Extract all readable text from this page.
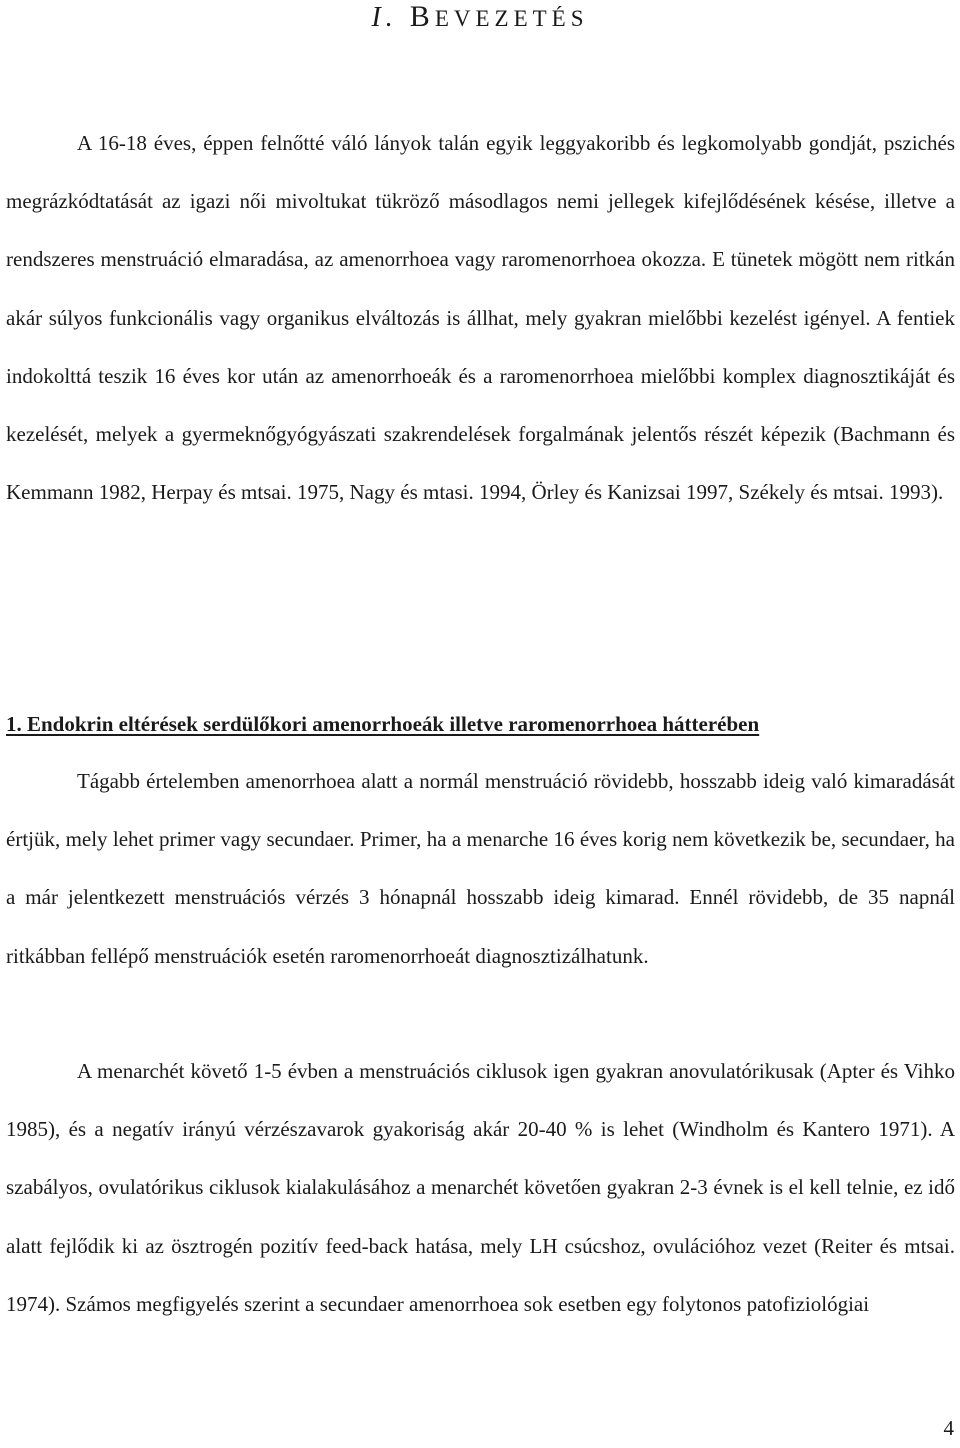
I. BEVEZETÉS

A 16-18 éves, éppen felnőtté váló lányok talán egyik leggyakoribb és legkomolyabb gondját, pszichés megrázkódtatását az igazi női mivoltukat tükröző másodlagos nemi jellegek kifejlődésének késése, illetve a rendszeres menstruáció elmaradása, az amenorrhoea vagy raromenorrhoea okozza. E tünetek mögött nem ritkán akár súlyos funkcionális vagy organikus elváltozás is állhat, mely gyakran mielőbbi kezelést igényel. A fentiek indokolttá teszik 16 éves kor után az amenorrhoeák és a raromenorrhoea mielőbbi komplex diagnosztikáját és kezelését, melyek a gyermeknőgyógyászati szakrendelések forgalmának jelentős részét képezik (Bachmann és Kemmann 1982, Herpay és mtsai. 1975, Nagy és mtasi. 1994, Örley és Kanizsai 1997, Székely és mtsai. 1993).

1. Endokrin eltérések serdülőkori amenorrhoeák illetve raromenorrhoea hátterében

Tágabb értelemben amenorrhoea alatt a normál menstruáció rövidebb, hosszabb ideig való kimaradását értjük, mely lehet primer vagy secundaer. Primer, ha a menarche 16 éves korig nem következik be, secundaer, ha a már jelentkezett menstruációs vérzés 3 hónapnál hosszabb ideig kimarad. Ennél rövidebb, de 35 napnál ritkábban fellépő menstruációk esetén raromenorrhoeát diagnosztizálhatunk.

A menarchét követő 1-5 évben a menstruációs ciklusok igen gyakran anovulatórikusak (Apter és Vihko 1985), és a negatív irányú vérzészavarok gyakoriság akár 20-40 % is lehet (Windholm és Kantero 1971). A szabályos, ovulatórikus ciklusok kialakulásához a menarchét követően gyakran 2-3 évnek is el kell telnie, ez idő alatt fejlődik ki az ösztrogén pozitív feed-back hatása, mely LH csúcshoz, ovulációhoz vezet (Reiter és mtsai. 1974). Számos megfigyelés szerint a secundaer amenorrhoea sok esetben egy folytonos patofiziológiai

4
